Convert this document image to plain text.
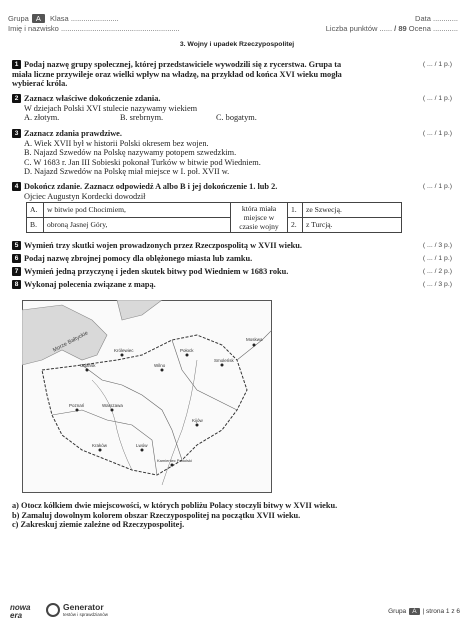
Grupa A Klasa .......................
Imię i nazwisko .........................................................
Data ............
Liczba punktów ...... / 89 Ocena ............
3. Wojny i upadek Rzeczypospolitej
( ... / 1 p.)
1 Podaj nazwę grupy społecznej, której przedstawiciele wywodzili się z rycerstwa. Grupa ta miała liczne przywileje oraz wielki wpływ na władzę, na przykład od końca XVI wieku mogła wybierać króla.
( ... / 1 p.)
2 Zaznacz właściwe dokończenie zdania.
W dziejach Polski XVI stulecie nazywamy wiekiem
A. złotym.	B. srebrnym.	C. bogatym.
( ... / 1 p.)
3 Zaznacz zdania prawdziwe.
A. Wiek XVII był w historii Polski okresem bez wojen.
B. Najazd Szwedów na Polskę nazywamy potopem szwedzkim.
C. W 1683 r. Jan III Sobieski pokonał Turków w bitwie pod Wiedniem.
D. Najazd Szwedów na Polskę miał miejsce w I. poł. XVII w.
( ... / 1 p.)
4 Dokończ zdanie. Zaznacz odpowiedź A albo B i jej dokończenie 1. lub 2.
Ojciec Augustyn Kordecki dowodził
A.	w bitwie pod Chocimiem,	która miała miejsce w czasie wojny	1.	ze Szwecją.
B.	obroną Jasnej Góry,		2.	z Turcją.
( ... / 3 p.)
5 Wymień trzy skutki wojen prowadzonych przez Rzeczpospolitą w XVII wieku.
( ... / 1 p.)
6 Podaj nazwę zbrojnej pomocy dla oblężonego miasta lub zamku.
( ... / 2 p.)
7 Wymień jedną przyczynę i jeden skutek bitwy pod Wiedniem w 1683 roku.
( ... / 3 p.)
8 Wykonaj polecenia związane z mapą.
Morze Bałtyckie	Moskwa
Warszawa
Kraków
Kamieniec Podolski
Wilno
Królewiec
Gdańsk
Smoleńsk
Kijów
Połock
Lwów
Poznań
a) Otocz kółkiem dwie miejscowości, w których pobliżu Polacy stoczyli bitwy w XVII wieku.
b) Zamaluj dowolnym kolorem obszar Rzeczypospolitej na początku XVII wieku.
c) Zakreskuj ziemie zależne od Rzeczypospolitej.
nowa
era
Generator
testów i sprawdzianów	Grupa A | strona 1 z 6
